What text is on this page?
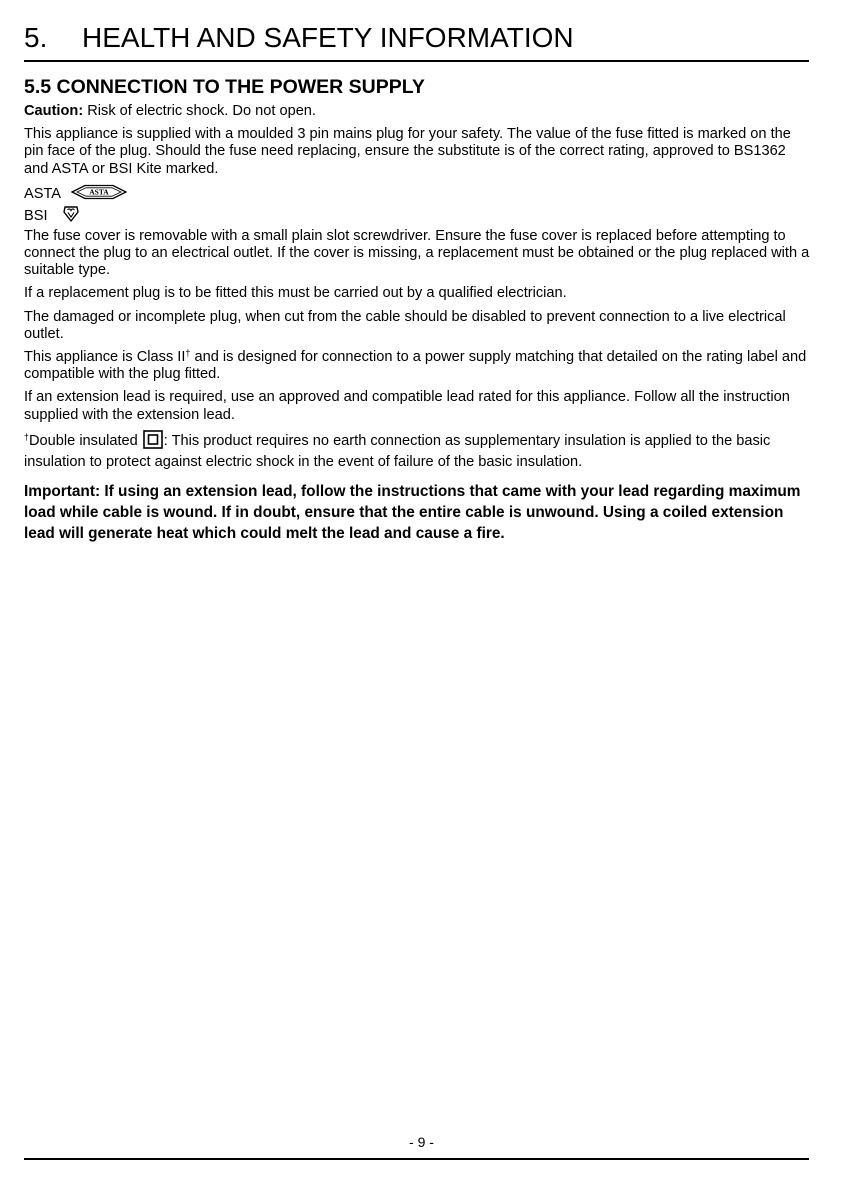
5. HEALTH AND SAFETY INFORMATION
5.5 CONNECTION TO THE POWER SUPPLY

Caution: Risk of electric shock. Do not open.

This appliance is supplied with a moulded 3 pin mains plug for your safety. The value of the fuse fitted is marked on the pin face of the plug. Should the fuse need replacing, ensure the substitute is of the correct rating, approved to BS1362 and ASTA or BSI Kite marked.

ASTA	ASTA
BSI

The fuse cover is removable with a small plain slot screwdriver. Ensure the fuse cover is replaced before attempting to connect the plug to an electrical outlet. If the cover is missing, a replacement must be obtained or the plug replaced with a suitable type.

If a replacement plug is to be fitted this must be carried out by a qualified electrician.

The damaged or incomplete plug, when cut from the cable should be disabled to prevent connection to a live electrical outlet.

This appliance is Class II† and is designed for connection to a power supply matching that detailed on the rating label and compatible with the plug fitted.

If an extension lead is required, use an approved and compatible lead rated for this appliance. Follow all the instruction supplied with the extension lead.

†Double insulated : This product requires no earth connection as supplementary insulation is applied to the basic insulation to protect against electric shock in the event of failure of the basic insulation.

Important: If using an extension lead, follow the instructions that came with your lead regarding maximum load while cable is wound. If in doubt, ensure that the entire cable is unwound. Using a coiled extension lead will generate heat which could melt the lead and cause a fire.

- 9 -
